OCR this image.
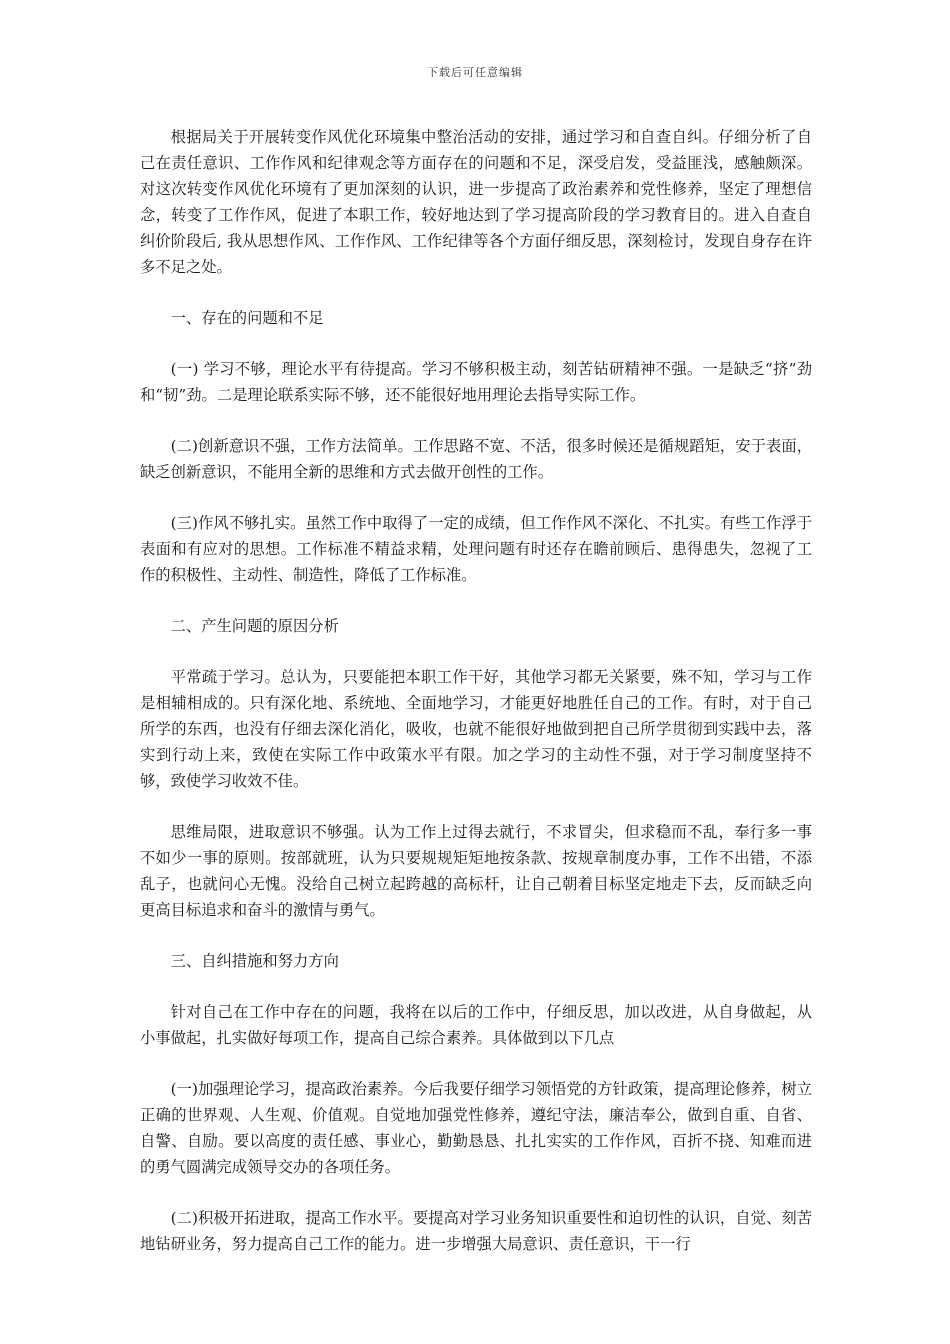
下载后可任意编辑

根据局关于开展转变作风优化环境集中整治活动的安排，通过学习和自查自纠。仔细分析了自己在责任意识、工作作风和纪律观念等方面存在的问题和不足，深受启发，受益匪浅，感触颇深。对这次转变作风优化环境有了更加深刻的认识，进一步提高了政治素养和党性修养，坚定了理想信念，转变了工作作风，促进了本职工作，较好地达到了学习提高阶段的学习教育目的。进入自查自纠价阶段后, 我从思想作风、工作作风、工作纪律等各个方面仔细反思，深刻检讨，发现自身存在许多不足之处。

一、存在的问题和不足

(一) 学习不够，理论水平有待提高。学习不够积极主动，刻苦钻研精神不强。一是缺乏“挤”劲和“韧”劲。二是理论联系实际不够，还不能很好地用理论去指导实际工作。

(二)创新意识不强，工作方法简单。工作思路不宽、不活，很多时候还是循规蹈矩，安于表面，缺乏创新意识，不能用全新的思维和方式去做开创性的工作。

(三)作风不够扎实。虽然工作中取得了一定的成绩，但工作作风不深化、不扎实。有些工作浮于表面和有应对的思想。工作标准不精益求精，处理问题有时还存在瞻前顾后、患得患失，忽视了工作的积极性、主动性、制造性，降低了工作标准。

二、产生问题的原因分析

平常疏于学习。总认为，只要能把本职工作干好，其他学习都无关紧要，殊不知，学习与工作是相辅相成的。只有深化地、系统地、全面地学习，才能更好地胜任自己的工作。有时，对于自己所学的东西，也没有仔细去深化消化，吸收，也就不能很好地做到把自己所学贯彻到实践中去，落实到行动上来，致使在实际工作中政策水平有限。加之学习的主动性不强，对于学习制度坚持不够，致使学习收效不佳。

思维局限，进取意识不够强。认为工作上过得去就行，不求冒尖，但求稳而不乱，奉行多一事不如少一事的原则。按部就班，认为只要规规矩矩地按条款、按规章制度办事，工作不出错，不添乱子，也就问心无愧。没给自己树立起跨越的高标杆，让自己朝着目标坚定地走下去，反而缺乏向更高目标追求和奋斗的激情与勇气。

三、自纠措施和努力方向

针对自己在工作中存在的问题，我将在以后的工作中，仔细反思，加以改进，从自身做起，从小事做起，扎实做好每项工作，提高自己综合素养。具体做到以下几点

(一)加强理论学习，提高政治素养。今后我要仔细学习领悟党的方针政策，提高理论修养，树立正确的世界观、人生观、价值观。自觉地加强党性修养，遵纪守法，廉洁奉公，做到自重、自省、自警、自励。要以高度的责任感、事业心，勤勤恳恳、扎扎实实的工作作风，百折不挠、知难而进的勇气圆满完成领导交办的各项任务。

(二)积极开拓进取，提高工作水平。要提高对学习业务知识重要性和迫切性的认识，自觉、刻苦地钻研业务，努力提高自己工作的能力。进一步增强大局意识、责任意识，干一行
